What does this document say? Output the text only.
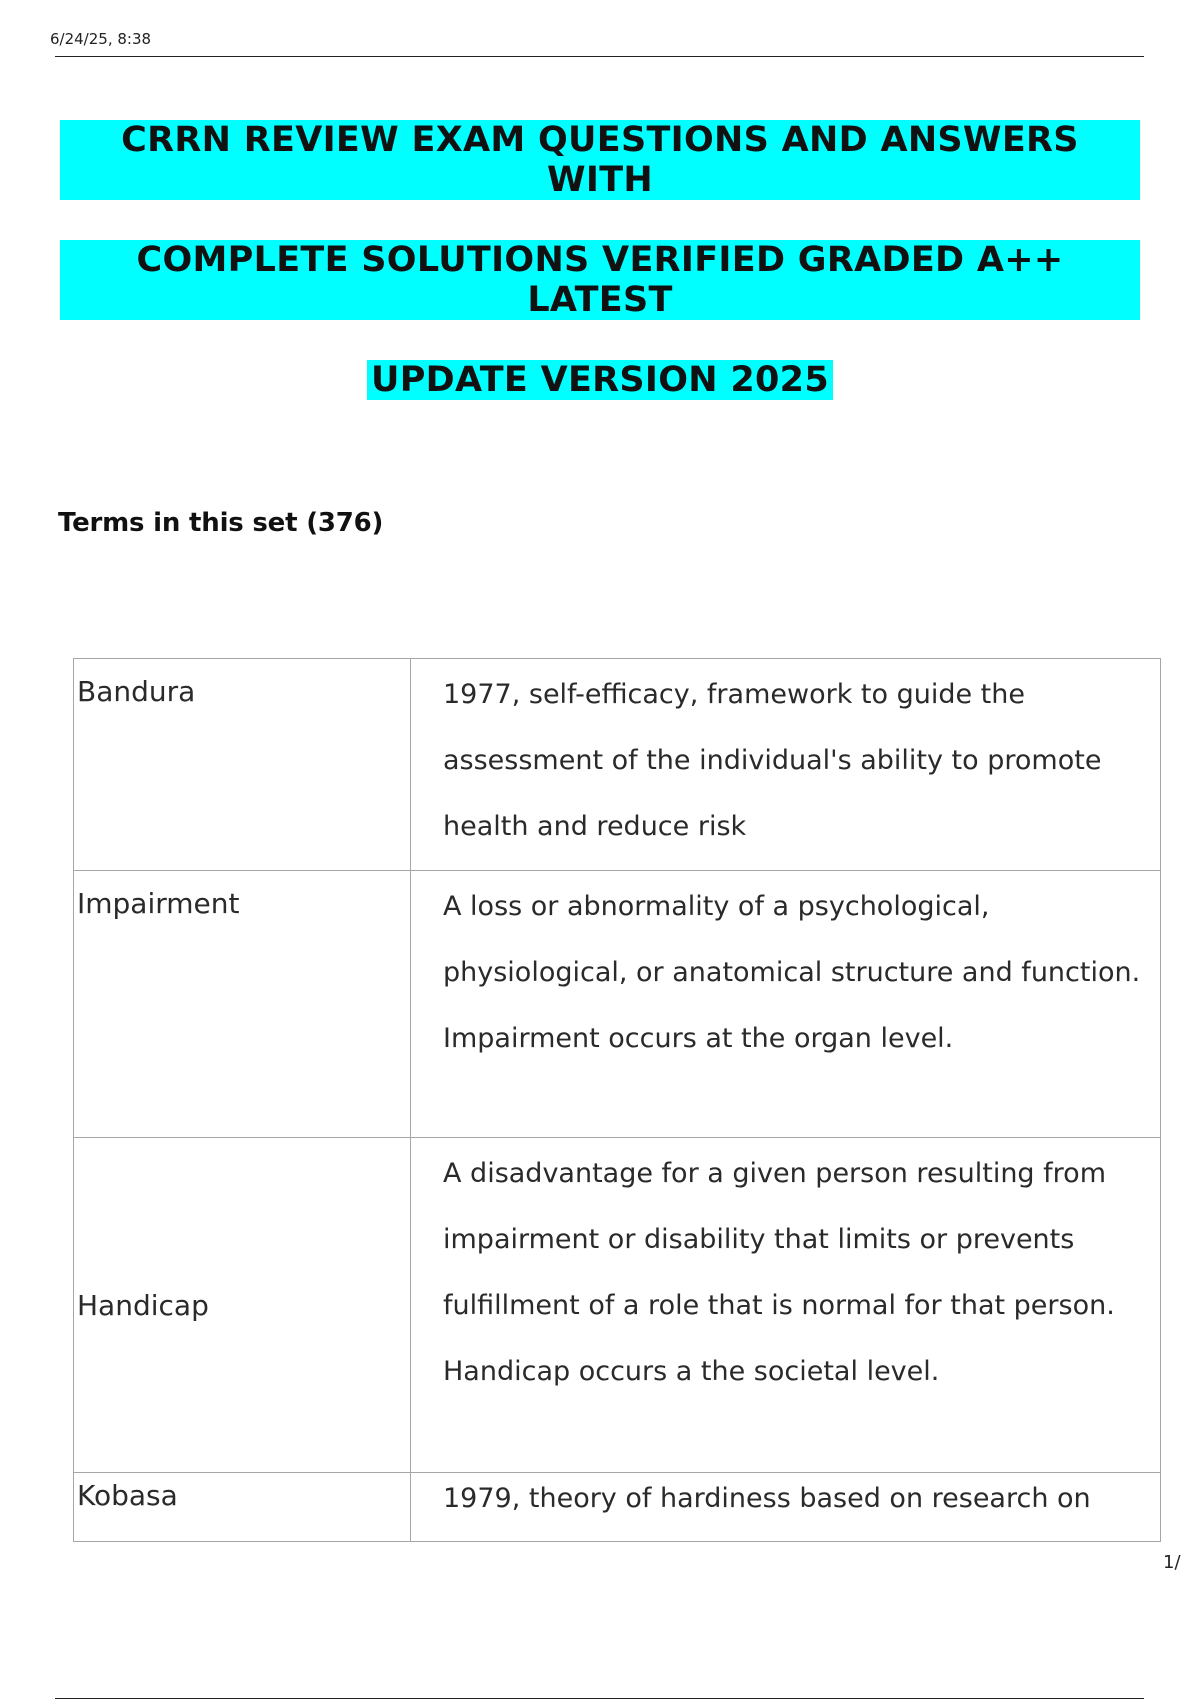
6/24/25, 8:38
CRRN REVIEW EXAM QUESTIONS AND ANSWERS WITH
COMPLETE SOLUTIONS VERIFIED GRADED A++ LATEST
UPDATE VERSION 2025
Terms in this set (376)
Bandura	1977, self-efficacy, framework to guide the assessment of the individual's ability to promote health and reduce risk
Impairment	A loss or abnormality of a psychological, physiological, or anatomical structure and function. Impairment occurs at the organ level.
Handicap	A disadvantage for a given person resulting from impairment or disability that limits or prevents fulfillment of a role that is normal for that person. Handicap occurs a the societal level.
Kobasa	1979, theory of hardiness based on research on
1/
